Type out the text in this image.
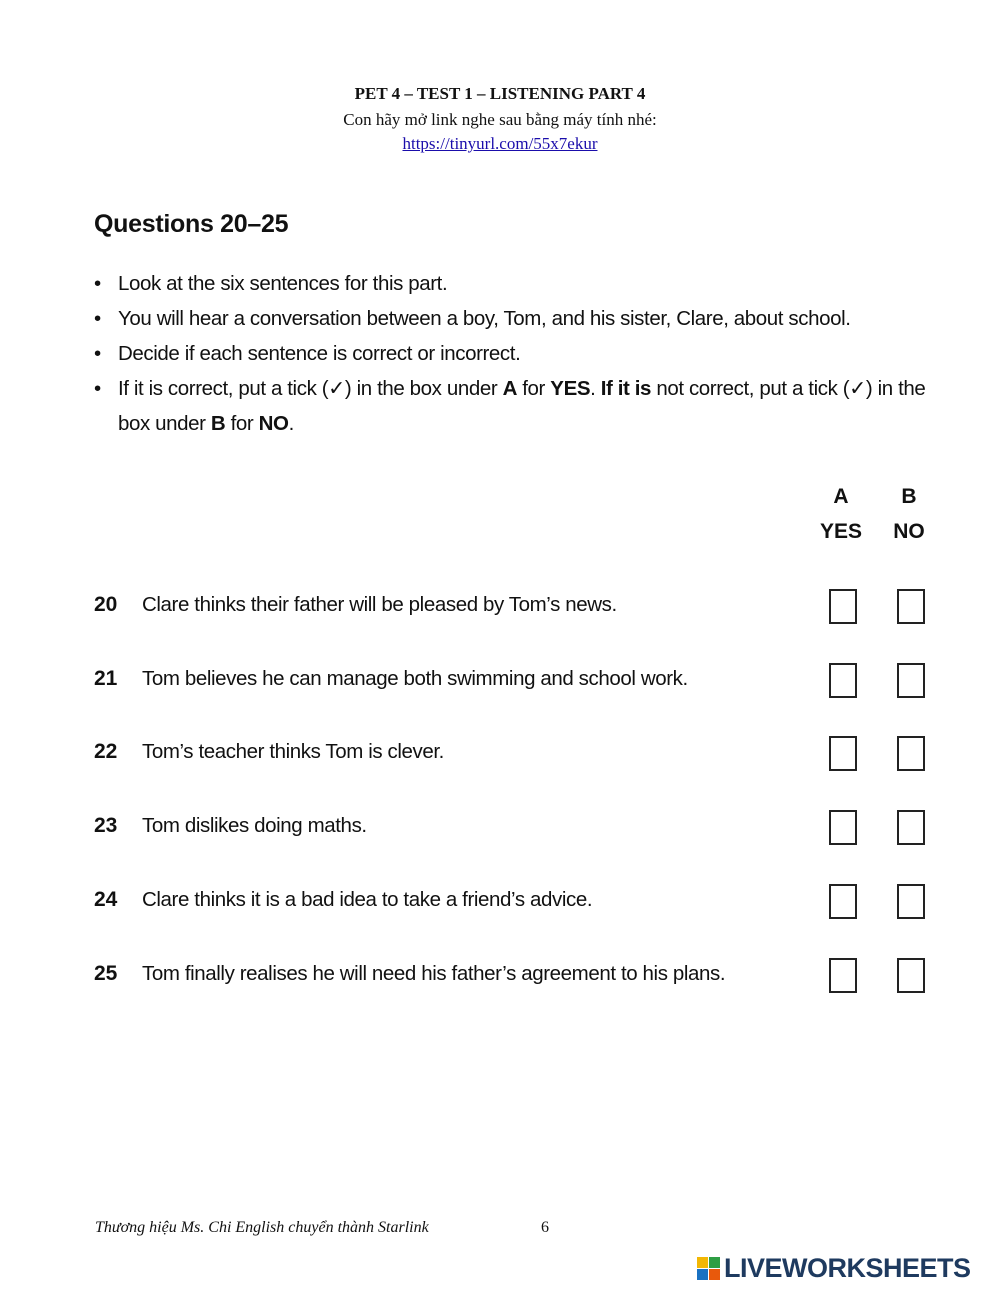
PET 4 – TEST 1 – LISTENING PART 4
Con hãy mở link nghe sau bằng máy tính nhé:
https://tinyurl.com/55x7ekur
Questions 20–25
• Look at the six sentences for this part.
• You will hear a conversation between a boy, Tom, and his sister, Clare, about school.
• Decide if each sentence is correct or incorrect.
• If it is correct, put a tick (✓) in the box under A for YES. If it is not correct, put a tick (✓) in the box under B for NO.
A
YES
B
NO
20 Clare thinks their father will be pleased by Tom’s news.
21 Tom believes he can manage both swimming and school work.
22 Tom’s teacher thinks Tom is clever.
23 Tom dislikes doing maths.
24 Clare thinks it is a bad idea to take a friend’s advice.
25 Tom finally realises he will need his father’s agreement to his plans.
Thương hiệu Ms. Chi English chuyển thành Starlink	6
LIVEWORKSHEETS
